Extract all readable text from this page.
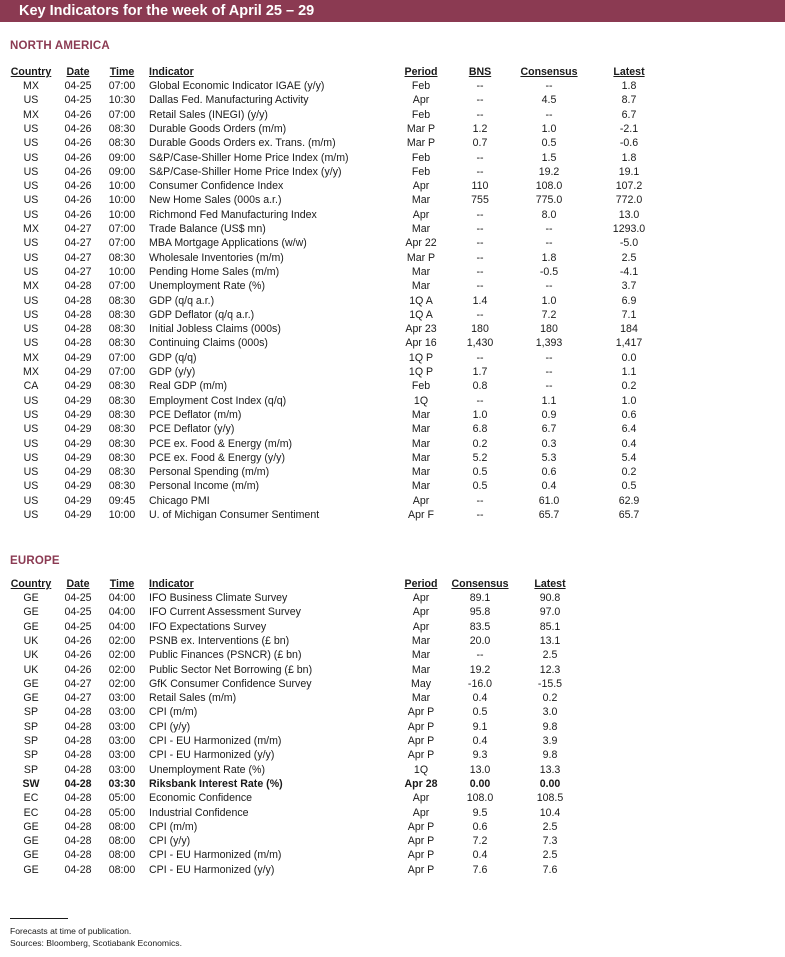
Key Indicators for the week of April 25 – 29
NORTH AMERICA
Country Date Time Indicator	Period	BNS	Consensus	Latest
MX 04-25 07:00 Global Economic Indicator IGAE (y/y)	Feb	--	--	1.8
US 04-25 10:30 Dallas Fed. Manufacturing Activity	Apr	--	4.5	8.7
MX 04-26 07:00 Retail Sales (INEGI) (y/y)	Feb	--	--	6.7
US 04-26 08:30 Durable Goods Orders (m/m)	Mar P	1.2	1.0	-2.1
US 04-26 08:30 Durable Goods Orders ex. Trans. (m/m)	Mar P	0.7	0.5	-0.6
US 04-26 09:00 S&P/Case-Shiller Home Price Index (m/m)	Feb	--	1.5	1.8
US 04-26 09:00 S&P/Case-Shiller Home Price Index (y/y)	Feb	--	19.2	19.1
US 04-26 10:00 Consumer Confidence Index	Apr	110	108.0	107.2
US 04-26 10:00 New Home Sales (000s a.r.)	Mar	755	775.0	772.0
US 04-26 10:00 Richmond Fed Manufacturing Index	Apr	--	8.0	13.0
MX 04-27 07:00 Trade Balance (US$ mn)	Mar	--	--	1293.0
US 04-27 07:00 MBA Mortgage Applications (w/w)	Apr 22	--	--	-5.0
US 04-27 08:30 Wholesale Inventories (m/m)	Mar P	--	1.8	2.5
US 04-27 10:00 Pending Home Sales (m/m)	Mar	--	-0.5	-4.1
MX 04-28 07:00 Unemployment Rate (%)	Mar	--	--	3.7
US 04-28 08:30 GDP (q/q a.r.)	1Q A	1.4	1.0	6.9
US 04-28 08:30 GDP Deflator (q/q a.r.)	1Q A	--	7.2	7.1
US 04-28 08:30 Initial Jobless Claims (000s)	Apr 23	180	180	184
US 04-28 08:30 Continuing Claims (000s)	Apr 16	1,430	1,393	1,417
MX 04-29 07:00 GDP (q/q)	1Q P	--	--	0.0
MX 04-29 07:00 GDP (y/y)	1Q P	1.7	--	1.1
CA 04-29 08:30 Real GDP (m/m)	Feb	0.8	--	0.2
US 04-29 08:30 Employment Cost Index (q/q)	1Q	--	1.1	1.0
US 04-29 08:30 PCE Deflator (m/m)	Mar	1.0	0.9	0.6
US 04-29 08:30 PCE Deflator (y/y)	Mar	6.8	6.7	6.4
US 04-29 08:30 PCE ex. Food & Energy (m/m)	Mar	0.2	0.3	0.4
US 04-29 08:30 PCE ex. Food & Energy (y/y)	Mar	5.2	5.3	5.4
US 04-29 08:30 Personal Spending (m/m)	Mar	0.5	0.6	0.2
US 04-29 08:30 Personal Income (m/m)	Mar	0.5	0.4	0.5
US 04-29 09:45 Chicago PMI	Apr	--	61.0	62.9
US 04-29 10:00 U. of Michigan Consumer Sentiment	Apr F	--	65.7	65.7
EUROPE
Country Date Time Indicator	Period Consensus Latest
GE 04-25 04:00 IFO Business Climate Survey	Apr	89.1	90.8
GE 04-25 04:00 IFO Current Assessment Survey	Apr	95.8	97.0
GE 04-25 04:00 IFO Expectations Survey	Apr	83.5	85.1
UK 04-26 02:00 PSNB ex. Interventions (£ bn)	Mar	20.0	13.1
UK 04-26 02:00 Public Finances (PSNCR) (£ bn)	Mar	--	2.5
UK 04-26 02:00 Public Sector Net Borrowing (£ bn)	Mar	19.2	12.3
GE 04-27 02:00 GfK Consumer Confidence Survey	May	-16.0	-15.5
GE 04-27 03:00 Retail Sales (m/m)	Mar	0.4	0.2
SP 04-28 03:00 CPI (m/m)	Apr P	0.5	3.0
SP 04-28 03:00 CPI (y/y)	Apr P	9.1	9.8
SP 04-28 03:00 CPI - EU Harmonized (m/m)	Apr P	0.4	3.9
SP 04-28 03:00 CPI - EU Harmonized (y/y)	Apr P	9.3	9.8
SP 04-28 03:00 Unemployment Rate (%)	1Q	13.0	13.3
SW 04-28 03:30 Riksbank Interest Rate (%)	Apr 28	0.00	0.00
EC 04-28 05:00 Economic Confidence	Apr	108.0	108.5
EC 04-28 05:00 Industrial Confidence	Apr	9.5	10.4
GE 04-28 08:00 CPI (m/m)	Apr P	0.6	2.5
GE 04-28 08:00 CPI (y/y)	Apr P	7.2	7.3
GE 04-28 08:00 CPI - EU Harmonized (m/m)	Apr P	0.4	2.5
GE 04-28 08:00 CPI - EU Harmonized (y/y)	Apr P	7.6	7.6
Forecasts at time of publication.
Sources: Bloomberg, Scotiabank Economics.
